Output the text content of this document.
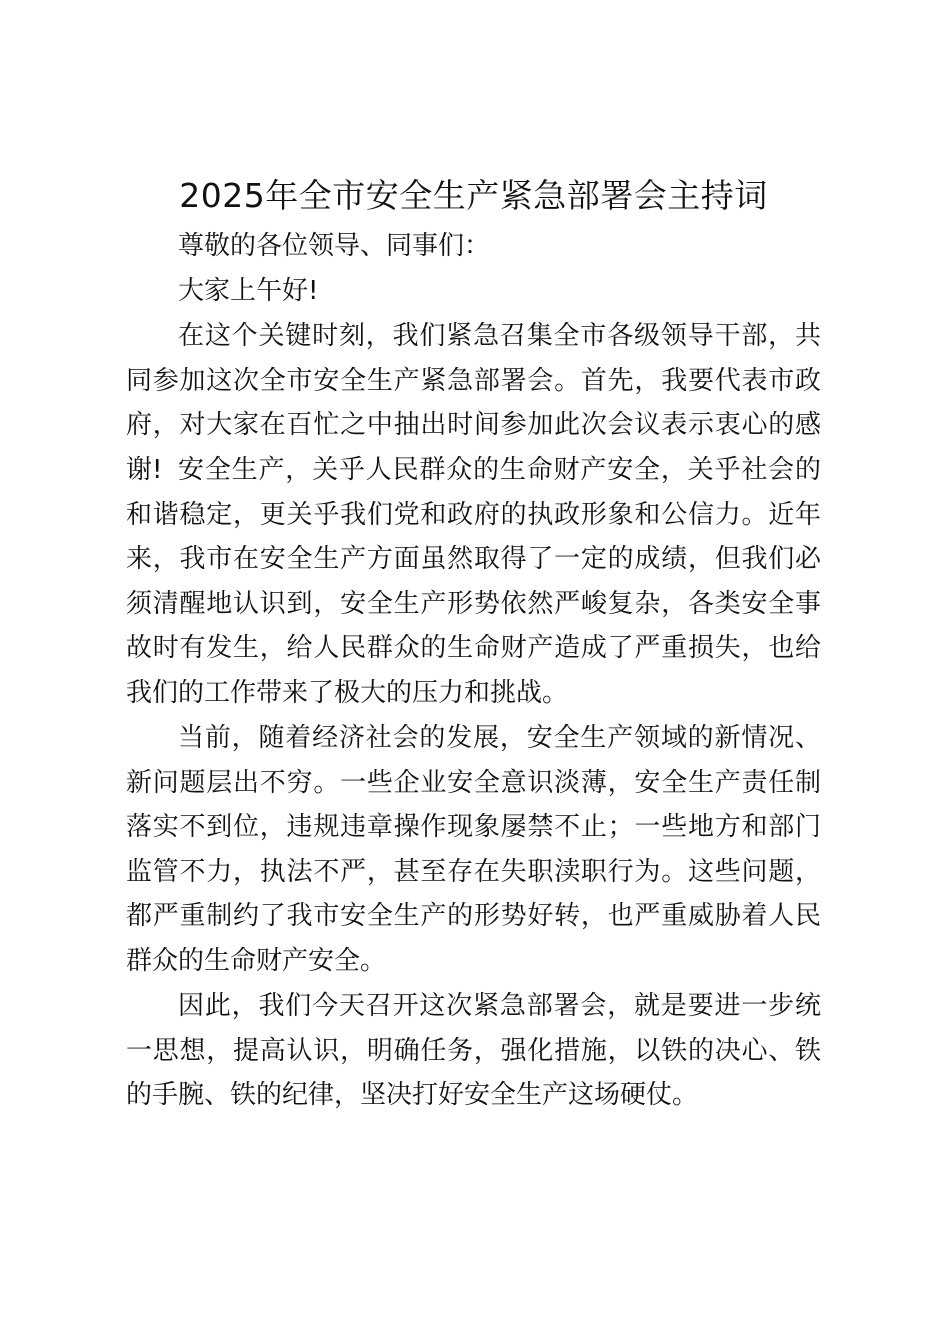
2025年全市安全生产紧急部署会主持词

尊敬的各位领导、同事们：

大家上午好!

在这个关键时刻，我们紧急召集全市各级领导干部，共同参加这次全市安全生产紧急部署会。首先，我要代表市政府，对大家在百忙之中抽出时间参加此次会议表示衷心的感谢! 安全生产，关乎人民群众的生命财产安全，关乎社会的和谐稳定，更关乎我们党和政府的执政形象和公信力。近年来，我市在安全生产方面虽然取得了一定的成绩，但我们必须清醒地认识到，安全生产形势依然严峻复杂，各类安全事故时有发生，给人民群众的生命财产造成了严重损失，也给我们的工作带来了极大的压力和挑战。

当前，随着经济社会的发展，安全生产领域的新情况、新问题层出不穷。一些企业安全意识淡薄，安全生产责任制落实不到位，违规违章操作现象屡禁不止；一些地方和部门监管不力，执法不严，甚至存在失职渎职行为。这些问题，都严重制约了我市安全生产的形势好转，也严重威胁着人民群众的生命财产安全。

因此，我们今天召开这次紧急部署会，就是要进一步统一思想，提高认识，明确任务，强化措施，以铁的决心、铁的手腕、铁的纪律，坚决打好安全生产这场硬仗。
